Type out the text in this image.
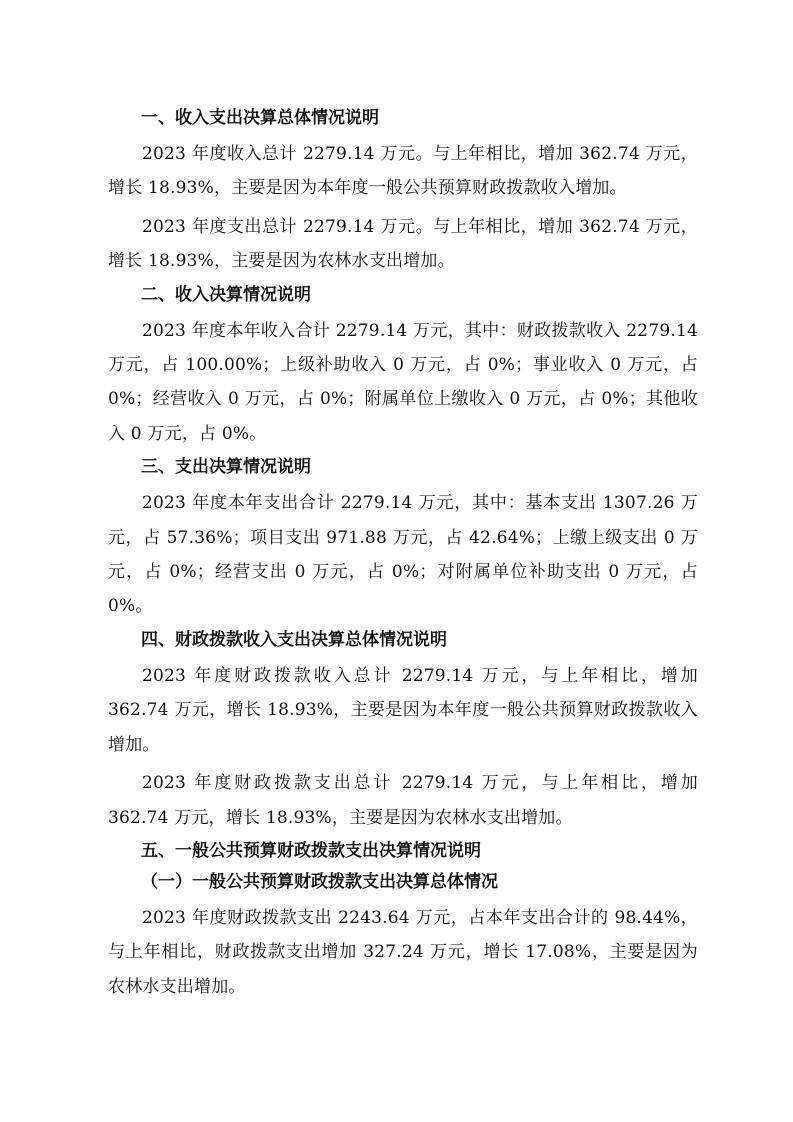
一、收入支出决算总体情况说明

2023 年度收入总计 2279.14 万元。与上年相比，增加 362.74 万元，增长 18.93%，主要是因为本年度一般公共预算财政拨款收入增加。

2023 年度支出总计 2279.14 万元。与上年相比，增加 362.74 万元，增长 18.93%，主要是因为农林水支出增加。

二、收入决算情况说明

2023 年度本年收入合计 2279.14 万元，其中：财政拨款收入 2279.14 万元，占 100.00%；上级补助收入 0 万元，占 0%；事业收入 0 万元，占 0%；经营收入 0 万元，占 0%；附属单位上缴收入 0 万元，占 0%；其他收入 0 万元，占 0%。

三、支出决算情况说明

2023 年度本年支出合计 2279.14 万元，其中：基本支出 1307.26 万元，占 57.36%；项目支出 971.88 万元，占 42.64%；上缴上级支出 0 万元，占 0%；经营支出 0 万元，占 0%；对附属单位补助支出 0 万元，占 0%。

四、财政拨款收入支出决算总体情况说明

2023 年度财政拨款收入总计 2279.14 万元，与上年相比，增加 362.74 万元，增长 18.93%，主要是因为本年度一般公共预算财政拨款收入增加。

2023 年度财政拨款支出总计 2279.14 万元，与上年相比，增加 362.74 万元，增长 18.93%，主要是因为农林水支出增加。

五、一般公共预算财政拨款支出决算情况说明
（一）一般公共预算财政拨款支出决算总体情况

2023 年度财政拨款支出 2243.64 万元，占本年支出合计的 98.44%，与上年相比，财政拨款支出增加 327.24 万元，增长 17.08%，主要是因为农林水支出增加。
